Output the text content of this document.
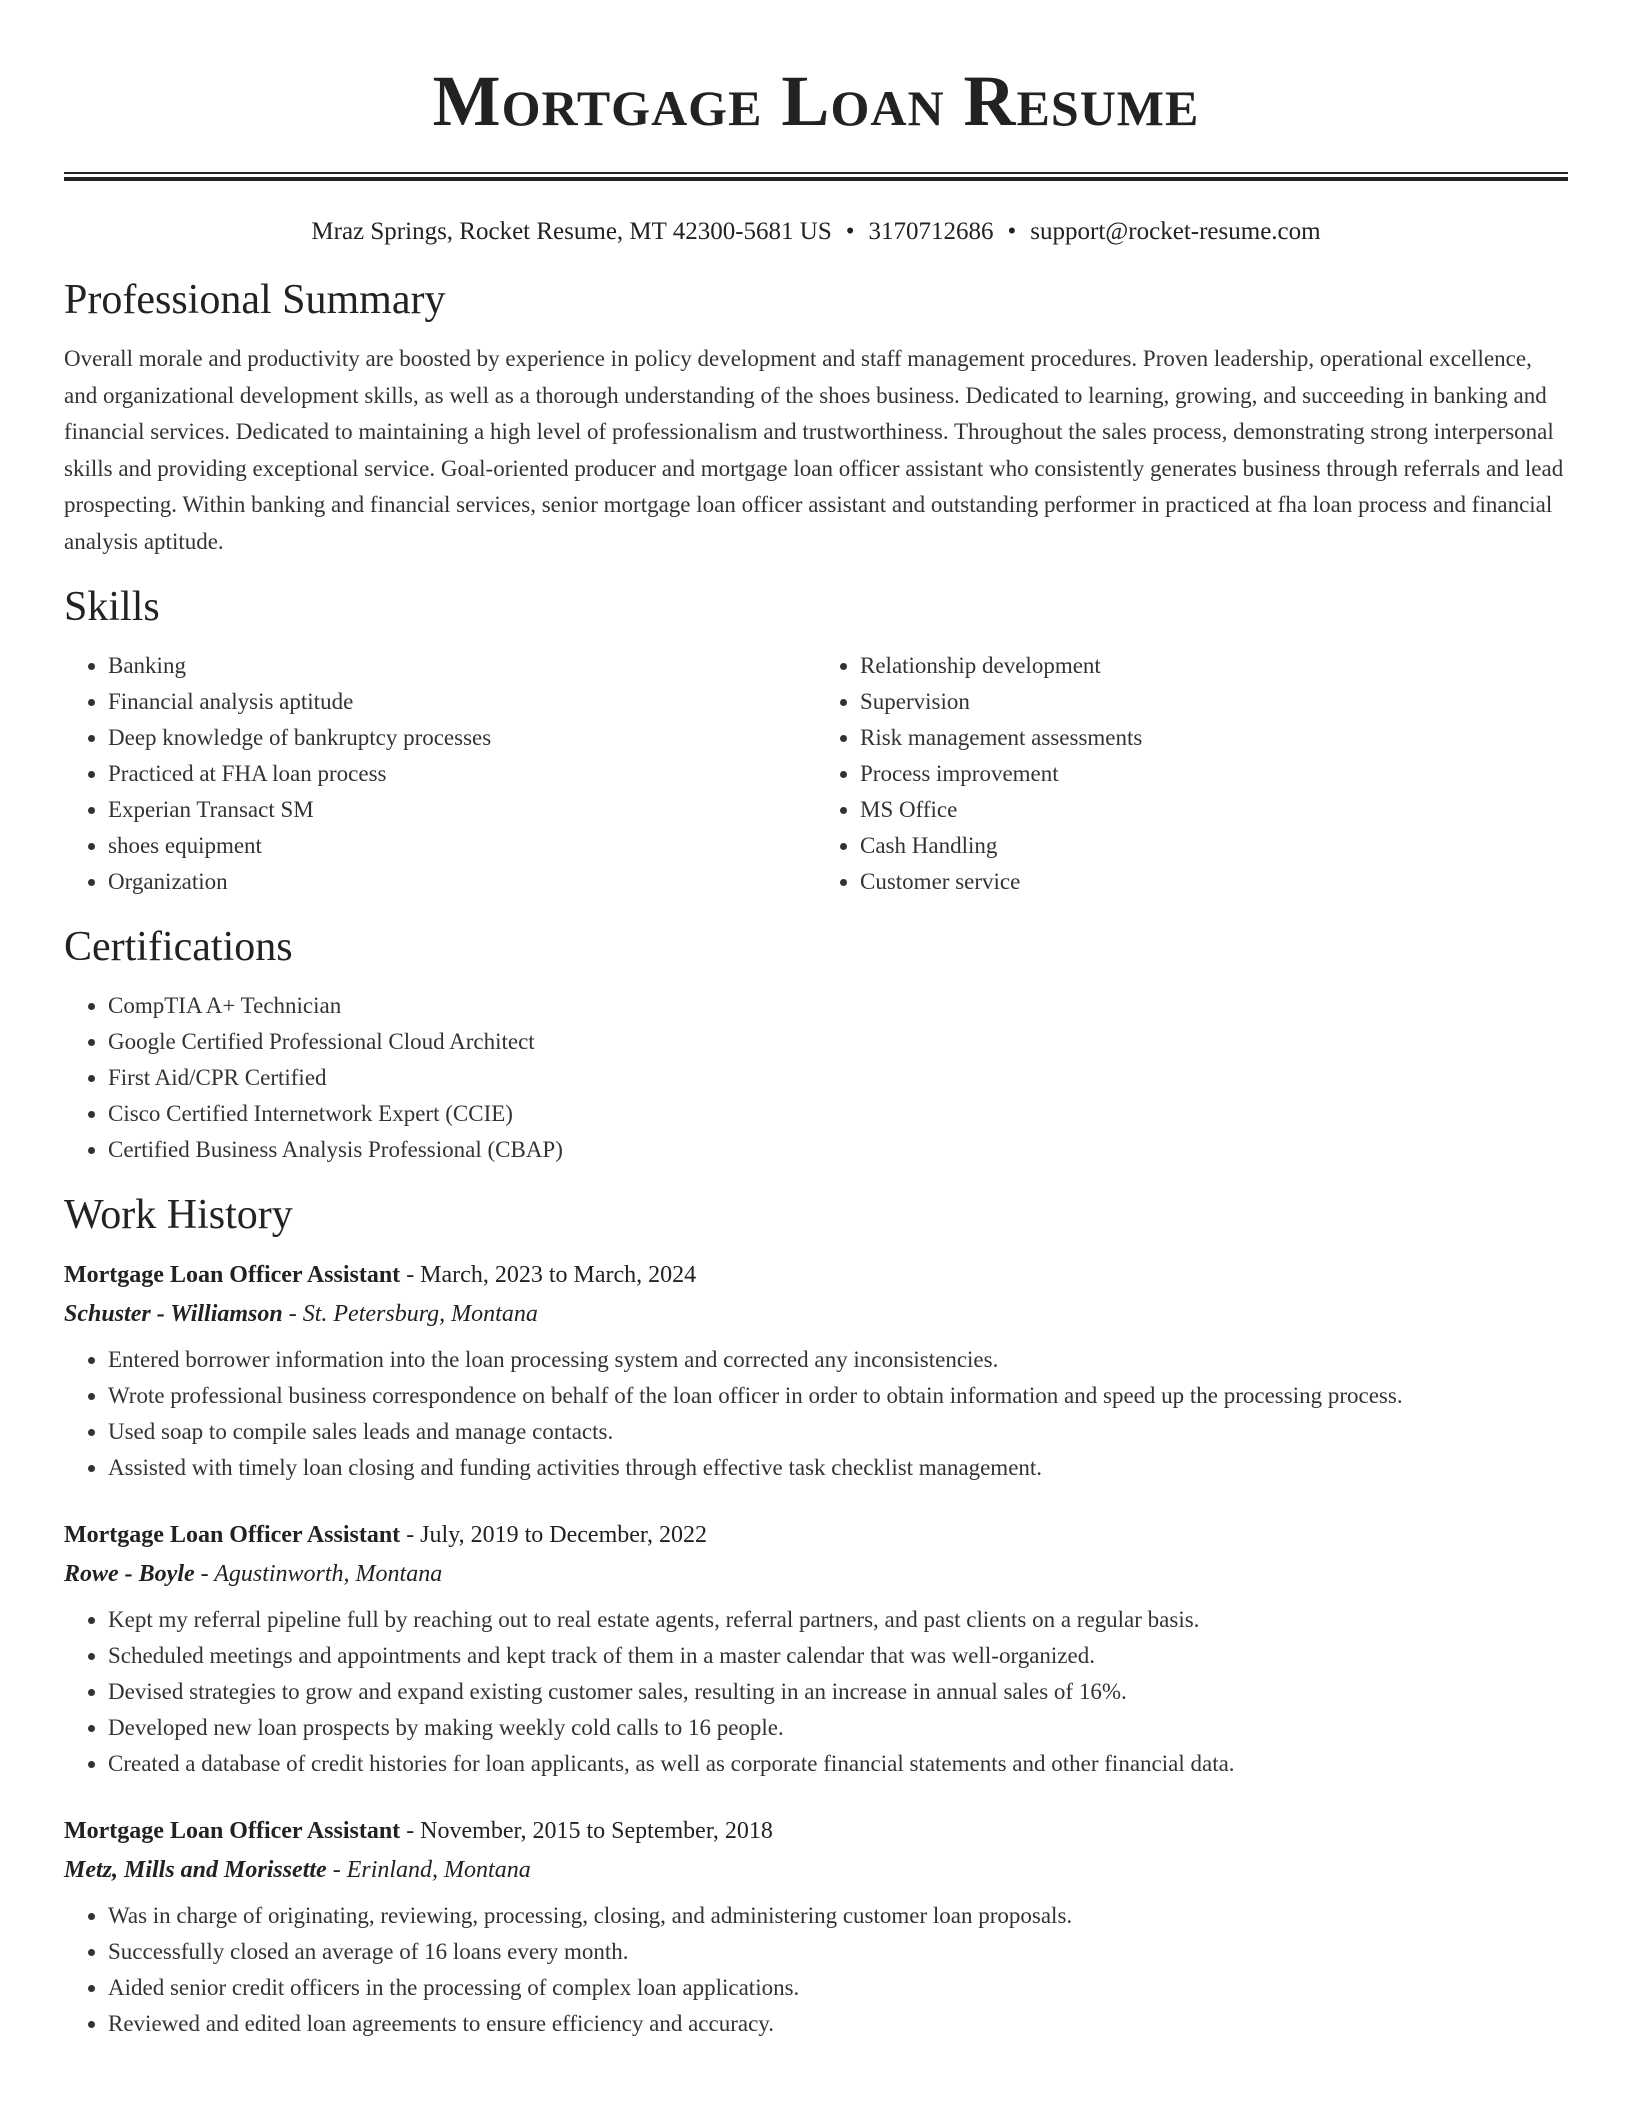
Mortgage Loan Resume
Mraz Springs, Rocket Resume, MT 42300-5681 US • 3170712686 • support@rocket-resume.com
Professional Summary

Overall morale and productivity are boosted by experience in policy development and staff management procedures. Proven leadership, operational excellence, and organizational development skills, as well as a thorough understanding of the shoes business. Dedicated to learning, growing, and succeeding in banking and financial services. Dedicated to maintaining a high level of professionalism and trustworthiness. Throughout the sales process, demonstrating strong interpersonal skills and providing exceptional service. Goal-oriented producer and mortgage loan officer assistant who consistently generates business through referrals and lead prospecting. Within banking and financial services, senior mortgage loan officer assistant and outstanding performer in practiced at fha loan process and financial analysis aptitude.

Skills
• Banking
• Financial analysis aptitude
• Deep knowledge of bankruptcy processes
• Practiced at FHA loan process
• Experian Transact SM
• shoes equipment
• Organization
• Relationship development
• Supervision
• Risk management assessments
• Process improvement
• MS Office
• Cash Handling
• Customer service
Certifications
• CompTIA A+ Technician
• Google Certified Professional Cloud Architect
• First Aid/CPR Certified
• Cisco Certified Internetwork Expert (CCIE)
• Certified Business Analysis Professional (CBAP)
Work History
Mortgage Loan Officer Assistant - March, 2023 to March, 2024
Schuster - Williamson - St. Petersburg, Montana
• Entered borrower information into the loan processing system and corrected any inconsistencies.
• Wrote professional business correspondence on behalf of the loan officer in order to obtain information and speed up the processing process.
• Used soap to compile sales leads and manage contacts.
• Assisted with timely loan closing and funding activities through effective task checklist management.
Mortgage Loan Officer Assistant - July, 2019 to December, 2022
Rowe - Boyle - Agustinworth, Montana
• Kept my referral pipeline full by reaching out to real estate agents, referral partners, and past clients on a regular basis.
• Scheduled meetings and appointments and kept track of them in a master calendar that was well-organized.
• Devised strategies to grow and expand existing customer sales, resulting in an increase in annual sales of 16%.
• Developed new loan prospects by making weekly cold calls to 16 people.
• Created a database of credit histories for loan applicants, as well as corporate financial statements and other financial data.
Mortgage Loan Officer Assistant - November, 2015 to September, 2018
Metz, Mills and Morissette - Erinland, Montana
• Was in charge of originating, reviewing, processing, closing, and administering customer loan proposals.
• Successfully closed an average of 16 loans every month.
• Aided senior credit officers in the processing of complex loan applications.
• Reviewed and edited loan agreements to ensure efficiency and accuracy.
